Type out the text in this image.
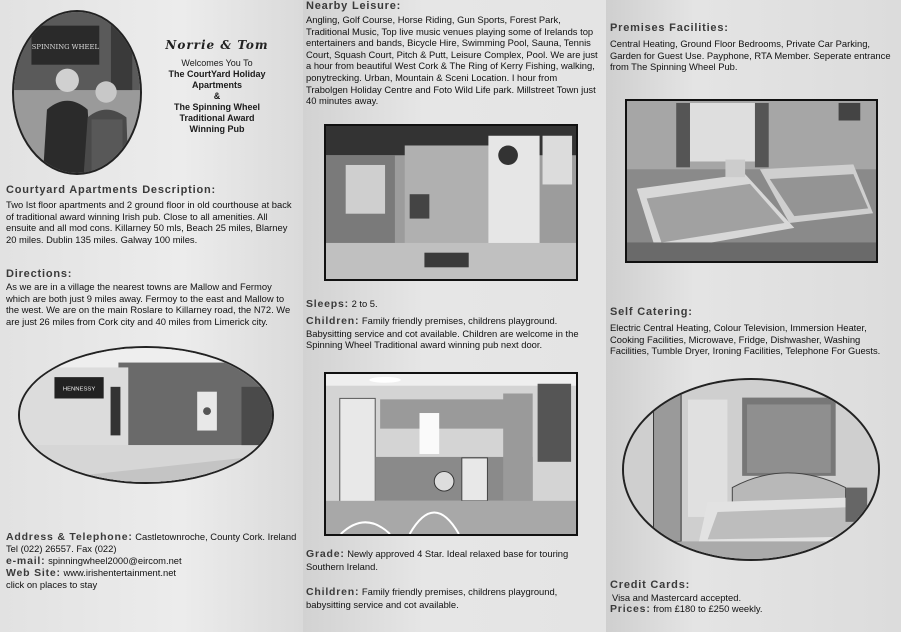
SPINNING WHEEL	Norrie & Tom

Welcomes You To

The CourtYard Holiday

Apartments

&

The Spinning Wheel

Traditional Award

Winning Pub

Courtyard Apartments Description:

Two Ist floor apartments and 2 ground floor in old courthouse at back of traditional award winning Irish pub. Close to all amenities. All ensuite and all mod cons. Killarney 50 mls, Beach 25 miles, Blarney 20 miles. Dublin 135 miles. Galway 100 miles.

Directions:

As we are in a village the nearest towns are Mallow and Fermoy which are both just 9 miles away. Fermoy to the east and Mallow to the west. We are on the main Roslare to Killarney road, the N72. We are just 26 miles from Cork city and 40 miles from Limerick city.

HENNESSY

Address & Telephone: Castletownroche, County Cork. Ireland

Tel (022) 26557. Fax (022)

e-mail: spinningwheel2000@eircom.net

Web Site: www.irishentertainment.net

click on places to stay

Nearby Leisure:

Angling, Golf Course, Horse Riding, Gun Sports, Forest Park, Traditional Music, Top live music venues playing some of Irelands top entertainers and bands, Bicycle Hire, Swimming Pool, Sauna, Tennis Court, Squash Court, Pitch & Putt, Leisure Complex, Pool. We are just a hour from beautiful West Cork & The Ring of Kerry Fishing, walking, ponytrecking. Urban, Mountain & Sceni Location. I hour from Trabolgen Holiday Centre and Foto Wild Life park. Millstreet Town just 40 minutes away.

Sleeps: 2 to 5.

Children: Family friendly premises, childrens playground. Babysitting service and cot available. Children are welcome in the Spinning Wheel Traditional award winning pub next door.

Grade: Newly approved 4 Star. Ideal relaxed base for touring Southern Ireland.

Children: Family friendly premises, childrens playground, babysitting service and cot available.

Premises Facilities:

Central Heating, Ground Floor Bedrooms, Private Car Parking, Garden for Guest Use. Payphone, RTA Member. Seperate entrance from The Spinning Wheel Pub.

Self Catering:

Electric Central Heating, Colour Television, Immersion Heater, Cooking Facilities, Microwave, Fridge, Dishwasher, Washing Facilities, Tumble Dryer, Ironing Facilities, Telephone For Guests.

Credit Cards:

Visa and Mastercard accepted.

Prices: from £180 to £250 weekly.
